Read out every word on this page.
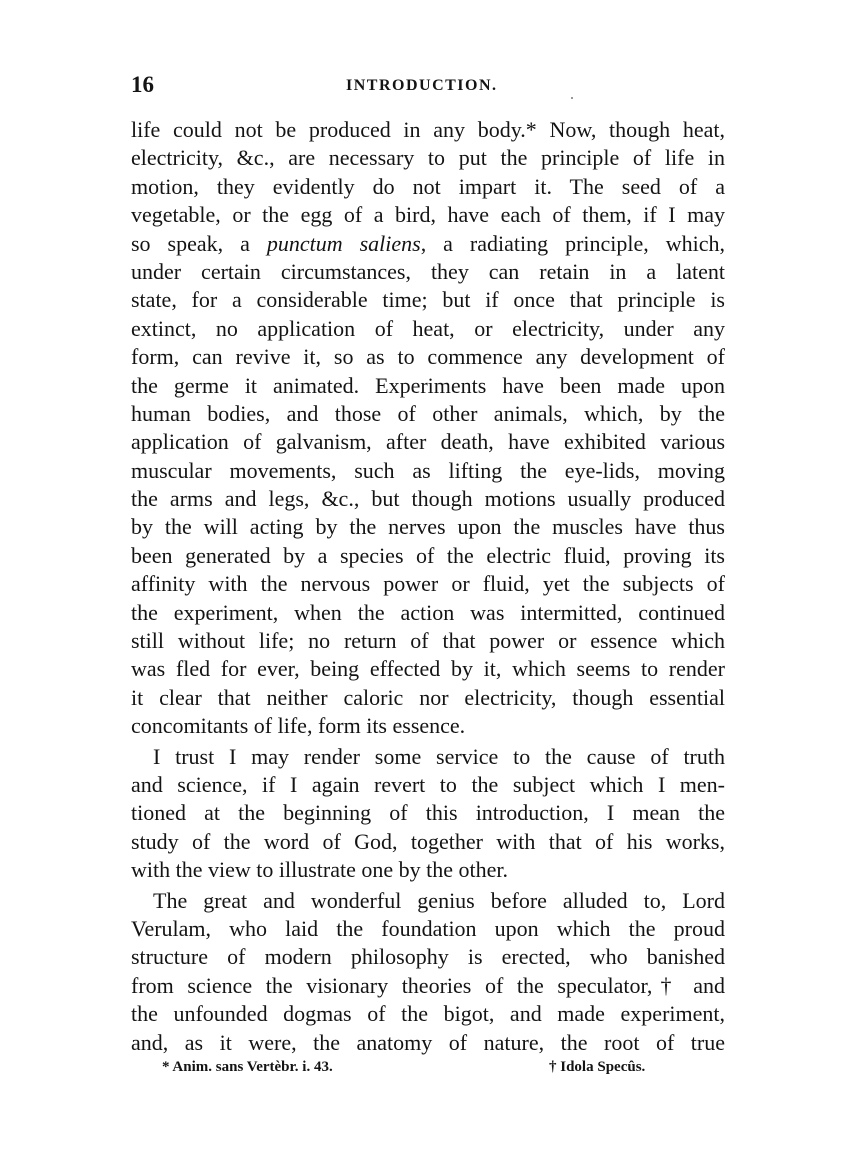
16	INTRODUCTION.
life could not be produced in any body.* Now, though heat,
electricity, &c., are necessary to put the principle of life in
motion, they evidently do not impart it. The seed of a
vegetable, or the egg of a bird, have each of them, if I may
so speak, a punctum saliens, a radiating principle, which,
under certain circumstances, they can retain in a latent
state, for a considerable time; but if once that principle is
extinct, no application of heat, or electricity, under any
form, can revive it, so as to commence any development of
the germe it animated. Experiments have been made upon
human bodies, and those of other animals, which, by the
application of galvanism, after death, have exhibited various
muscular movements, such as lifting the eye-lids, moving
the arms and legs, &c., but though motions usually produced
by the will acting by the nerves upon the muscles have thus
been generated by a species of the electric fluid, proving its
affinity with the nervous power or fluid, yet the subjects of
the experiment, when the action was intermitted, continued
still without life; no return of that power or essence which
was fled for ever, being effected by it, which seems to render
it clear that neither caloric nor electricity, though essential
concomitants of life, form its essence.
I trust I may render some service to the cause of truth
and science, if I again revert to the subject which I men-
tioned at the beginning of this introduction, I mean the
study of the word of God, together with that of his works,
with the view to illustrate one by the other.
The great and wonderful genius before alluded to, Lord
Verulam, who laid the foundation upon which the proud
structure of modern philosophy is erected, who banished
from science the visionary theories of the speculator,† and
the unfounded dogmas of the bigot, and made experiment,
and, as it were, the anatomy of nature, the root of true
* Anim. sans Vertèbr. i. 43.	† Idola Specûs.
